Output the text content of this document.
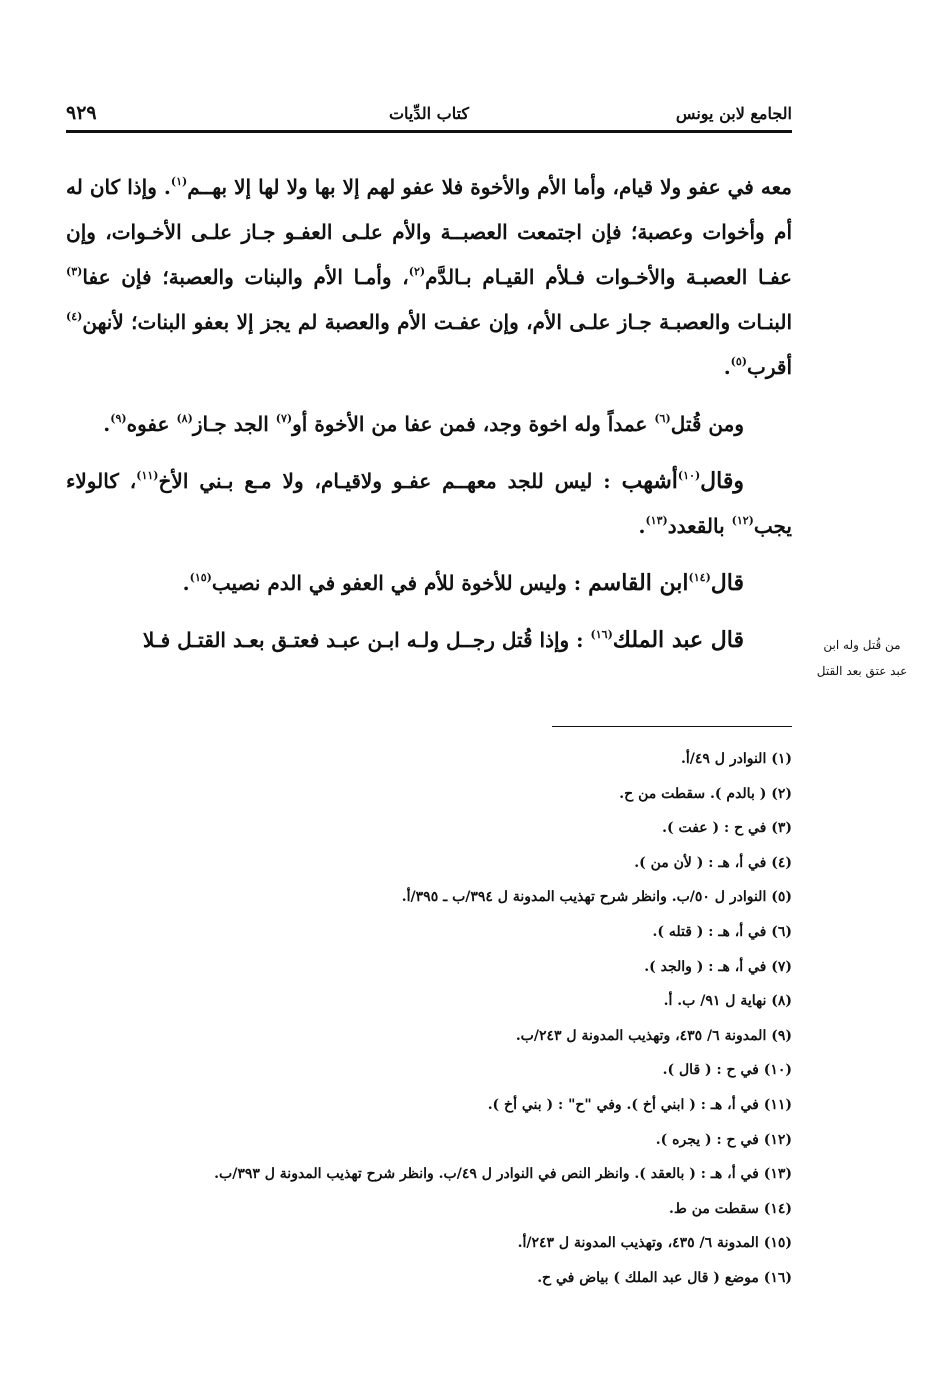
الجامع لابن يونس
كتاب الدِّيات
٩٢٩

معه في عفو ولا قيام، وأما الأم والأخوة فلا عفو لهم إلا بها ولا لها إلا بهــم$^{(١)}$. وإذا كان له أم وأخوات وعصبة؛ فإن اجتمعت العصبــة والأم علـى العفـو جـاز علـى الأخـوات، وإن عفـا العصبـة والأخـوات فـلأم القيـام بـالدَّم$^{(٢)}$، وأمـا الأم والبنات والعصبة؛ فإن عفا$^{(٣)}$ البنـات والعصبـة جـاز علـى الأم، وإن عفـت الأم والعصبة لم يجز إلا بعفو البنات؛ لأنهن$^{(٤)}$ أقرب$^{(٥)}$.

ومن قُتل$^{(٦)}$ عمداً وله اخوة وجد، فمن عفا من الأخوة أو$^{(٧)}$ الجد جـاز$^{(٨)}$ عفوه$^{(٩)}$.

وقال$^{(١٠)}$أشهب : ليس للجد معهــم عفـو ولاقيـام، ولا مـع بـني الأخ$^{(١١)}$، كالولاء يجب$^{(١٢)}$ بالقعدد$^{(١٣)}$.

قال$^{(١٤)}$ابن القاسم : وليس للأخوة للأم في العفو في الدم نصيب$^{(١٥)}$.

قال عبد الملك$^{(١٦)}$ : وإذا قُتل رجــل ولـه ابـن عبـد فعتـق بعـد القتـل فـلا	من قُتل وله ابن
عبد عتق بعد القتل
(١) النوادر ل ٤٩/أ.
(٢) ( بالدم ). سقطت من ح.
(٣) في ح : ( عفت ).
(٤) في أ، هـ : ( لأن من ).
(٥) النوادر ل ٥٠/ب. وانظر شرح تهذيب المدونة ل ٣٩٤/ب ـ ٣٩٥/أ.
(٦) في أ، هـ : ( قتله ).
(٧) في أ، هـ : ( والجد ).
(٨) نهاية ل ٩١/ ب. أ.
(٩) المدونة ٦/ ٤٣٥، وتهذيب المدونة ل ٢٤٣/ب.
(١٠) في ح : ( قال ).
(١١) في أ، هـ : ( ابني أخ ). وفي "ح" : ( بني أخ ).
(١٢) في ح : ( يجره ).
(١٣) في أ، هـ : ( بالعقد ). وانظر النص في النوادر ل ٤٩/ب. وانظر شرح تهذيب المدونة ل ٣٩٣/ب.
(١٤) سقطت من ط.
(١٥) المدونة ٦/ ٤٣٥، وتهذيب المدونة ل ٢٤٣/أ.
(١٦) موضع ( قال عبد الملك ) بياض في ح.
